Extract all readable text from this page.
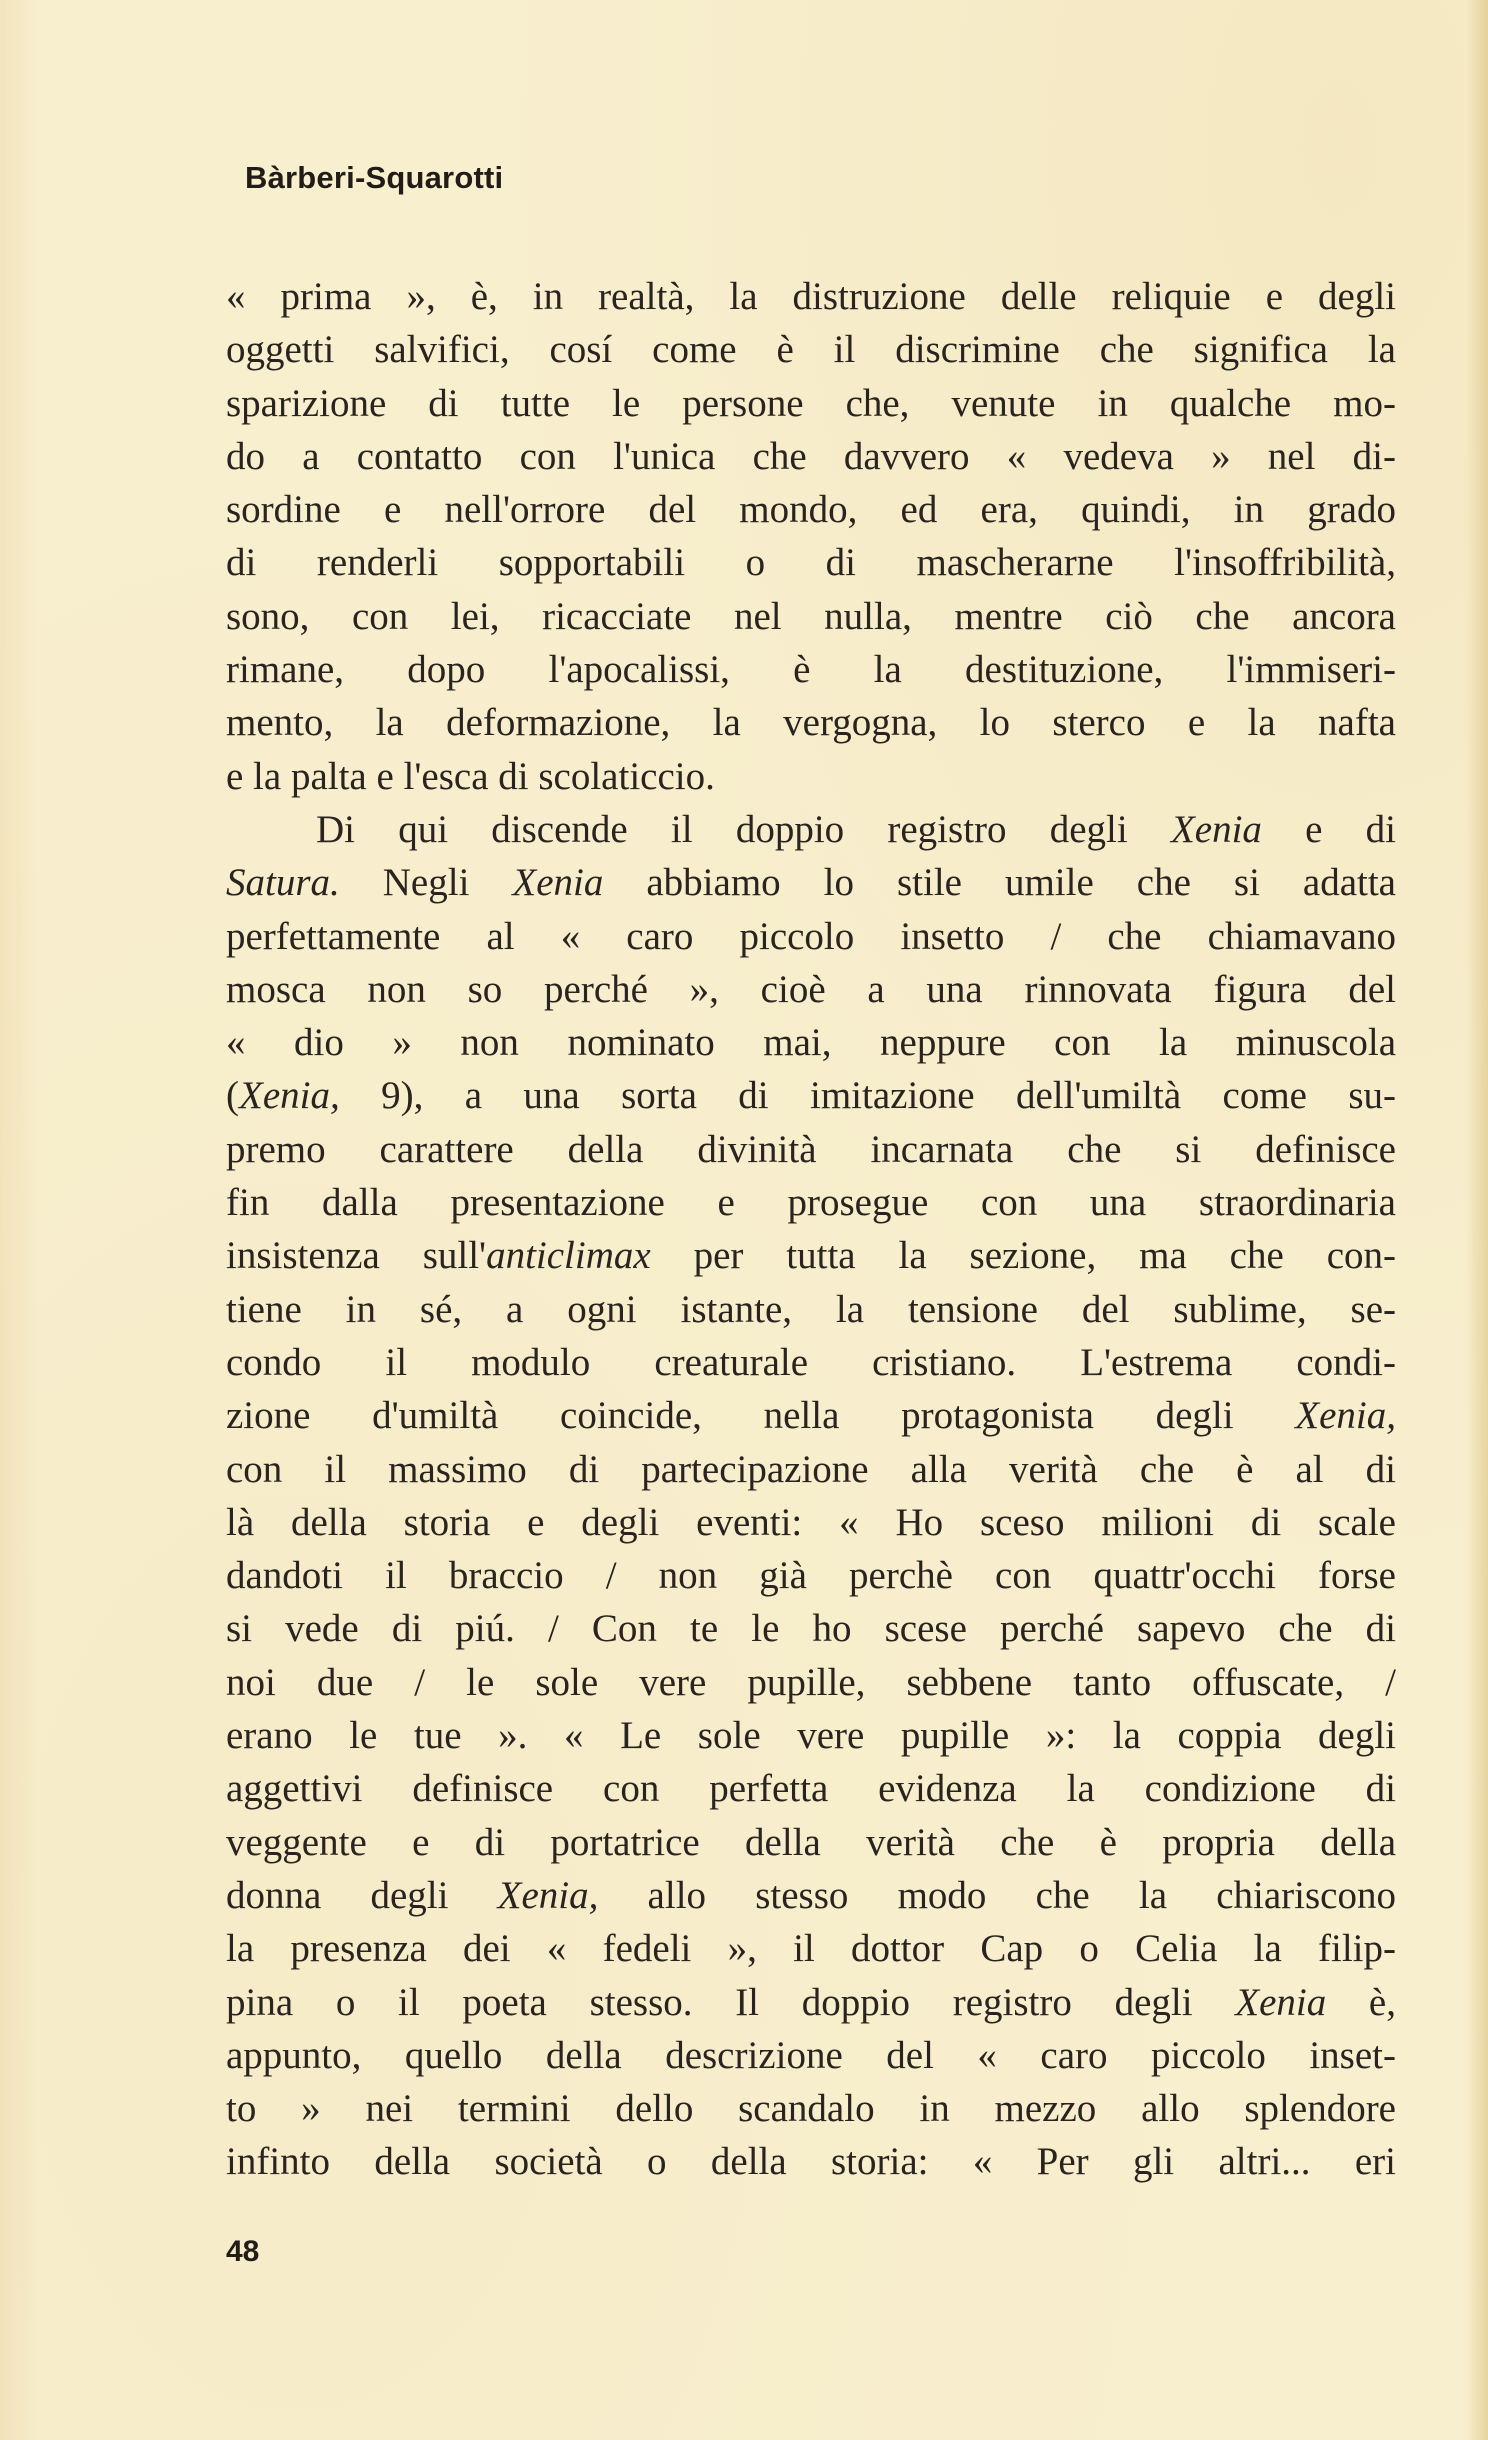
Bàrberi-Squarotti

« prima », è, in realtà, la distruzione delle reliquie e degli
oggetti salvifici, cosí come è il discrimine che significa la
sparizione di tutte le persone che, venute in qualche mo-
do a contatto con l'unica che davvero « vedeva » nel di-
sordine e nell'orrore del mondo, ed era, quindi, in grado
di renderli sopportabili o di mascherarne l'insoffribilità,
sono, con lei, ricacciate nel nulla, mentre ciò che ancora
rimane, dopo l'apocalissi, è la destituzione, l'immiseri-
mento, la deformazione, la vergogna, lo sterco e la nafta
e la palta e l'esca di scolaticcio.
Di qui discende il doppio registro degli Xenia e di
Satura. Negli Xenia abbiamo lo stile umile che si adatta
perfettamente al « caro piccolo insetto / che chiamavano
mosca non so perché », cioè a una rinnovata figura del
« dio » non nominato mai, neppure con la minuscola
(Xenia, 9), a una sorta di imitazione dell'umiltà come su-
premo carattere della divinità incarnata che si definisce
fin dalla presentazione e prosegue con una straordinaria
insistenza sull'anticlimax per tutta la sezione, ma che con-
tiene in sé, a ogni istante, la tensione del sublime, se-
condo il modulo creaturale cristiano. L'estrema condi-
zione d'umiltà coincide, nella protagonista degli Xenia,
con il massimo di partecipazione alla verità che è al di
là della storia e degli eventi: « Ho sceso milioni di scale
dandoti il braccio / non già perchè con quattr'occhi forse
si vede di piú. / Con te le ho scese perché sapevo che di
noi due / le sole vere pupille, sebbene tanto offuscate, /
erano le tue ». « Le sole vere pupille »: la coppia degli
aggettivi definisce con perfetta evidenza la condizione di
veggente e di portatrice della verità che è propria della
donna degli Xenia, allo stesso modo che la chiariscono
la presenza dei « fedeli », il dottor Cap o Celia la filip-
pina o il poeta stesso. Il doppio registro degli Xenia è,
appunto, quello della descrizione del « caro piccolo inset-
to » nei termini dello scandalo in mezzo allo splendore
infinto della società o della storia: « Per gli altri... eri

48
